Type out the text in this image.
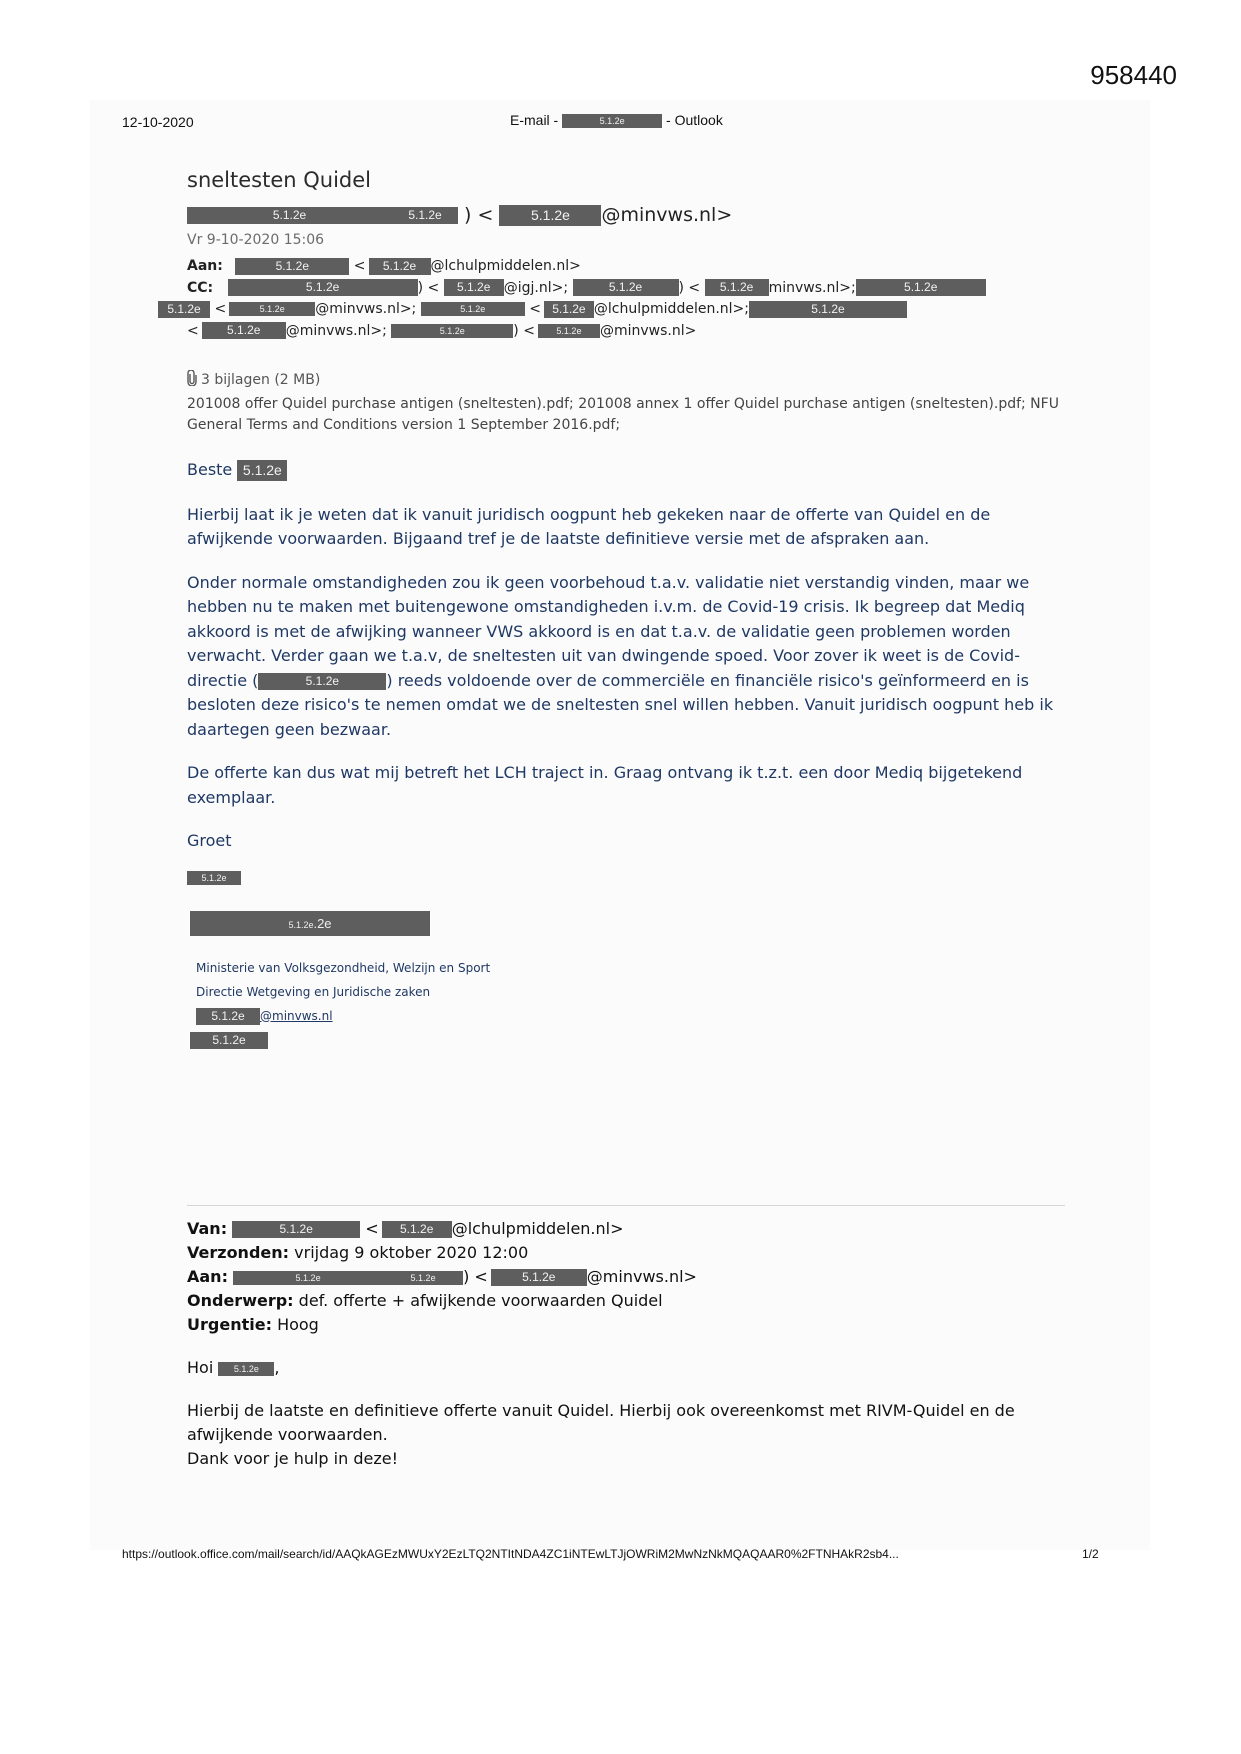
958440
12-10-2020	E-mail -	5.1.2e	- Outlook
sneltesten Quidel
5.1.2e	5.1.2e ) <	5.1.2e @minvws.nl>
Vr 9-10-2020 15:06
Aan:	5.1.2e	< 5.1.2e @lchulpmiddelen.nl>
CC:	5.1.2e	) < 5.1.2e @igj.nl>;	5.1.2e	) < 5.1.2e minvws.nl>;	5.1.2e
5.1.2e <	5.1.2e @minvws.nl>;	5.1.2e	< 5.1.2e @lchulpmiddelen.nl>;	5.1.2e
< 5.1.2e @minvws.nl>;	5.1.2e	) < 5.1.2e @minvws.nl>
3 bijlagen (2 MB)
201008 offer Quidel purchase antigen (sneltesten).pdf; 201008 annex 1 offer Quidel purchase antigen (sneltesten).pdf; NFU General Terms and Conditions version 1 September 2016.pdf;

Beste 5.1.2e

Hierbij laat ik je weten dat ik vanuit juridisch oogpunt heb gekeken naar de offerte van Quidel en de afwijkende voorwaarden. Bijgaand tref je de laatste definitieve versie met de afspraken aan.

Onder normale omstandigheden zou ik geen voorbehoud t.a.v. validatie niet verstandig vinden, maar we hebben nu te maken met buitengewone omstandigheden i.v.m. de Covid-19 crisis. Ik begreep dat Mediq akkoord is met de afwijking wanneer VWS akkoord is en dat t.a.v. de validatie geen problemen worden verwacht. Verder gaan we t.a.v, de sneltesten uit van dwingende spoed. Voor zover ik weet is de Covid-directie (	5.1.2e	) reeds voldoende over de commerciële en financiële risico's geïnformeerd en is besloten deze risico's te nemen omdat we de sneltesten snel willen hebben. Vanuit juridisch oogpunt heb ik daartegen geen bezwaar.

De offerte kan dus wat mij betreft het LCH traject in. Graag ontvang ik t.z.t. een door Mediq bijgetekend exemplaar.

Groet

5.1.2e
5.1.2e.2e
Ministerie van Volksgezondheid, Welzijn en Sport
Directie Wetgeving en Juridische zaken
5.1.2e @minvws.nl
5.1.2e
Van:	5.1.2e	< 5.1.2e @lchulpmiddelen.nl>
Verzonden: vrijdag 9 oktober 2020 12:00
Aan:	5.1.2e	5.1.2e ) <	5.1.2e @minvws.nl>
Onderwerp: def. offerte + afwijkende voorwaarden Quidel
Urgentie: Hoog
Hoi 5.1.2e ,
Hierbij de laatste en definitieve offerte vanuit Quidel. Hierbij ook overeenkomst met RIVM-Quidel en de afwijkende voorwaarden.
Dank voor je hulp in deze!
https://outlook.office.com/mail/search/id/AAQkAGEzMWUxY2EzLTQ2NTItNDA4ZC1iNTEwLTJjOWRiM2MwNzNkMQAQAAR0%2FTNHAkR2sb4...	1/2
